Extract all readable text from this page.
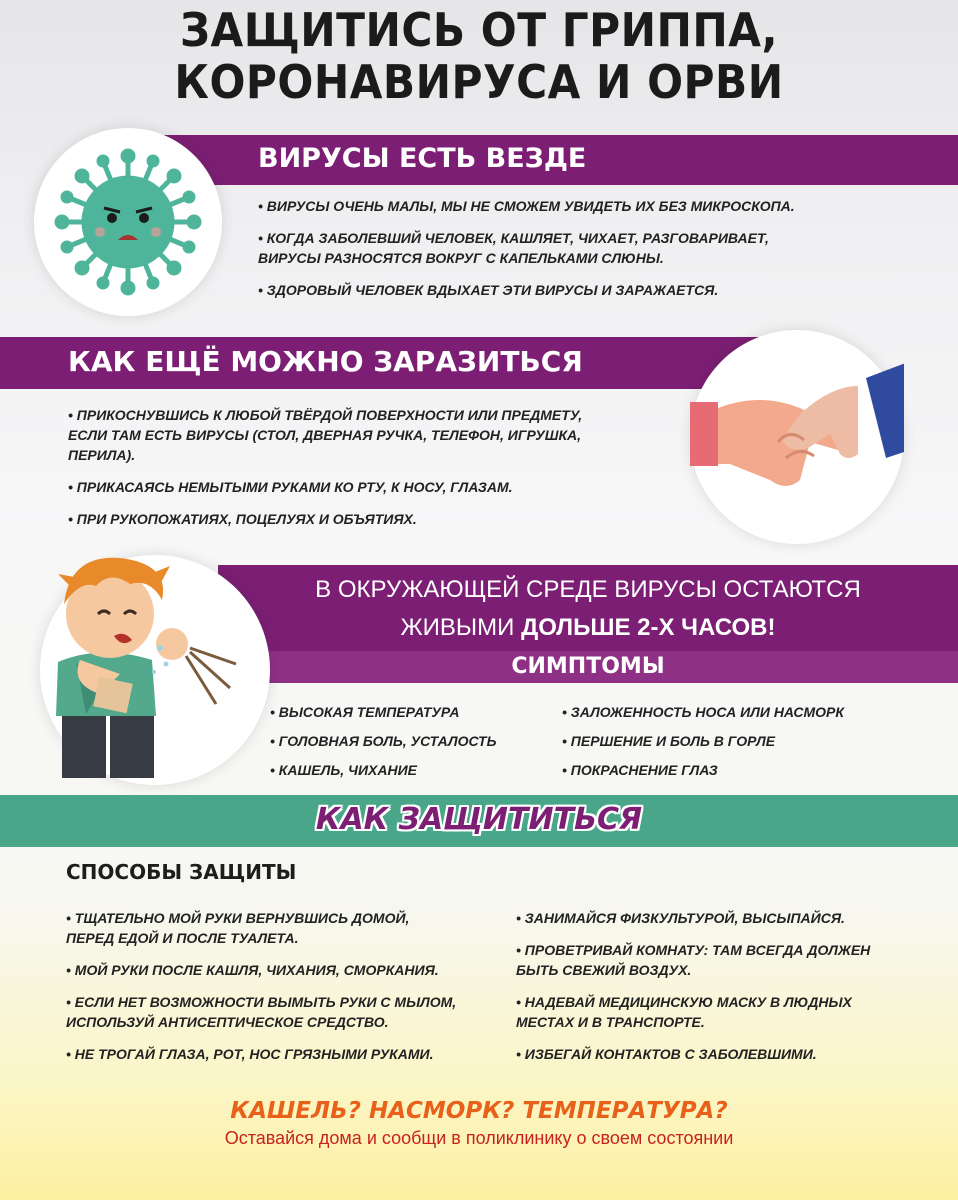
ЗАЩИТИСЬ ОТ ГРИППА,
КОРОНАВИРУСА И ОРВИ
ВИРУСЫ ЕСТЬ ВЕЗДЕ
• ВИРУСЫ ОЧЕНЬ МАЛЫ, МЫ НЕ СМОЖЕМ УВИДЕТЬ ИХ БЕЗ МИКРОСКОПА.
• КОГДА ЗАБОЛЕВШИЙ ЧЕЛОВЕК, КАШЛЯЕТ, ЧИХАЕТ, РАЗГОВАРИВАЕТ, ВИРУСЫ РАЗНОСЯТСЯ ВОКРУГ С КАПЕЛЬКАМИ СЛЮНЫ.
• ЗДОРОВЫЙ ЧЕЛОВЕК ВДЫХАЕТ ЭТИ ВИРУСЫ И ЗАРАЖАЕТСЯ.
КАК ЕЩЁ МОЖНО ЗАРАЗИТЬСЯ
• ПРИКОСНУВШИСЬ К ЛЮБОЙ ТВЁРДОЙ ПОВЕРХНОСТИ ИЛИ ПРЕДМЕТУ, ЕСЛИ ТАМ ЕСТЬ ВИРУСЫ (СТОЛ, ДВЕРНАЯ РУЧКА, ТЕЛЕФОН, ИГРУШКА, ПЕРИЛА).
• ПРИКАСАЯСЬ НЕМЫТЫМИ РУКАМИ КО РТУ, К НОСУ, ГЛАЗАМ.
• ПРИ РУКОПОЖАТИЯХ, ПОЦЕЛУЯХ И ОБЪЯТИЯХ.
В ОКРУЖАЮЩЕЙ СРЕДЕ ВИРУСЫ ОСТАЮТСЯ
ЖИВЫМИ ДОЛЬШЕ 2-Х ЧАСОВ!
СИМПТОМЫ
• ВЫСОКАЯ ТЕМПЕРАТУРА
• ГОЛОВНАЯ БОЛЬ, УСТАЛОСТЬ
• КАШЕЛЬ, ЧИХАНИЕ
• ЗАЛОЖЕННОСТЬ НОСА ИЛИ НАСМОРК
• ПЕРШЕНИЕ И БОЛЬ В ГОРЛЕ
• ПОКРАСНЕНИЕ ГЛАЗ
КАК ЗАЩИТИТЬСЯ
СПОСОБЫ ЗАЩИТЫ
• ТЩАТЕЛЬНО МОЙ РУКИ ВЕРНУВШИСЬ ДОМОЙ, ПЕРЕД ЕДОЙ И ПОСЛЕ ТУАЛЕТА.
• МОЙ РУКИ ПОСЛЕ КАШЛЯ, ЧИХАНИЯ, СМОРКАНИЯ.
• ЕСЛИ НЕТ ВОЗМОЖНОСТИ ВЫМЫТЬ РУКИ С МЫЛОМ, ИСПОЛЬЗУЙ АНТИСЕПТИЧЕСКОЕ СРЕДСТВО.
• НЕ ТРОГАЙ ГЛАЗА, РОТ, НОС ГРЯЗНЫМИ РУКАМИ.
• ЗАНИМАЙСЯ ФИЗКУЛЬТУРОЙ, ВЫСЫПАЙСЯ.
• ПРОВЕТРИВАЙ КОМНАТУ: ТАМ ВСЕГДА ДОЛЖЕН БЫТЬ СВЕЖИЙ ВОЗДУХ.
• НАДЕВАЙ МЕДИЦИНСКУЮ МАСКУ В ЛЮДНЫХ МЕСТАХ И В ТРАНСПОРТЕ.
• ИЗБЕГАЙ КОНТАКТОВ С ЗАБОЛЕВШИМИ.
КАШЕЛЬ? НАСМОРК? ТЕМПЕРАТУРА?
Оставайся дома и сообщи в поликлинику о своем состоянии
